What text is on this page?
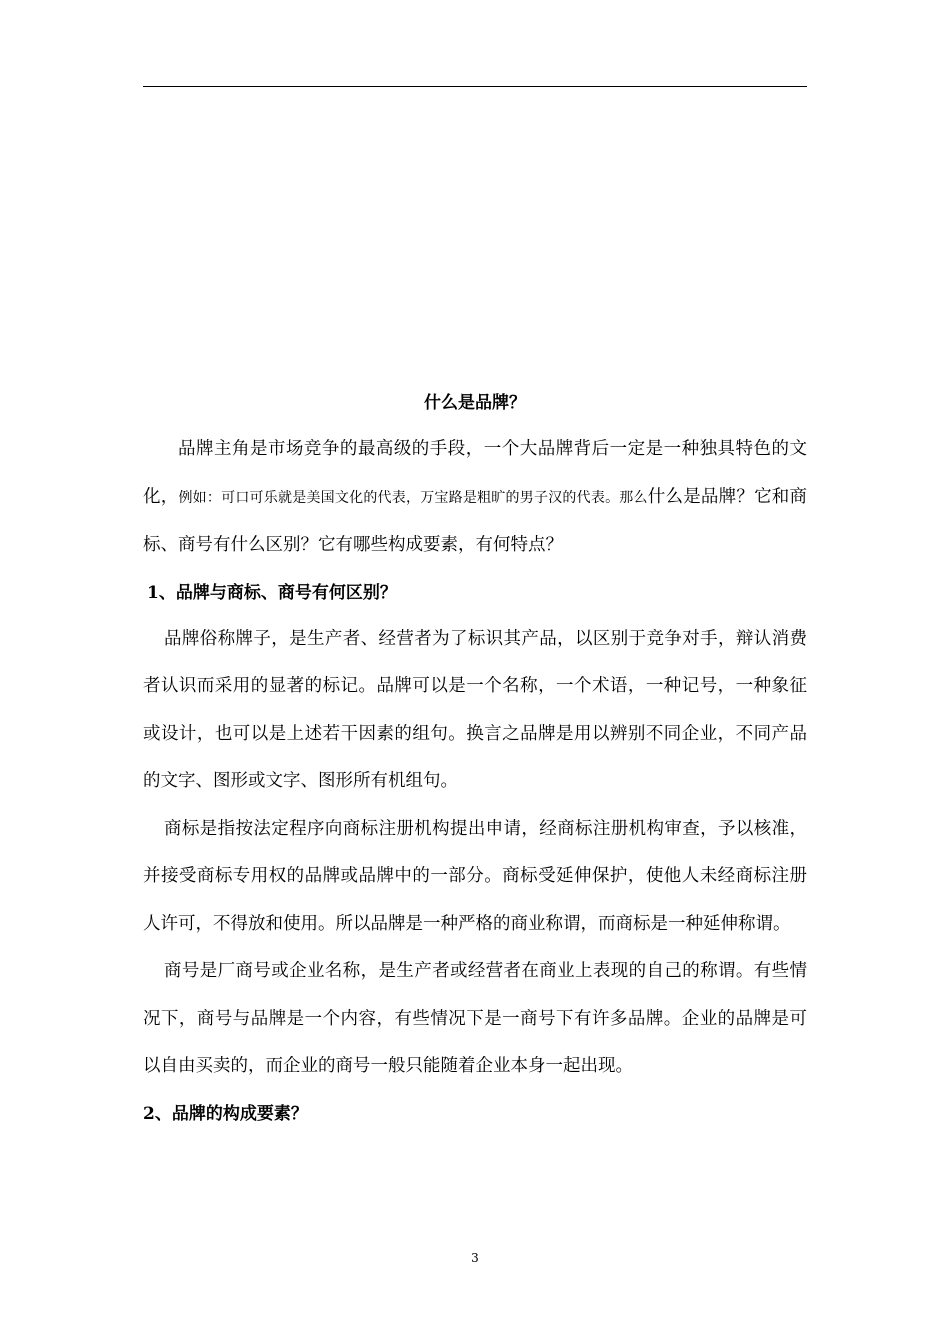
什么是品牌？

品牌主角是市场竞争的最高级的手段，一个大品牌背后一定是一种独具特色的文化，例如：可口可乐就是美国文化的代表，万宝路是粗旷的男子汉的代表。那么什么是品牌？它和商标、商号有什么区别？它有哪些构成要素，有何特点？

1、品牌与商标、商号有何区别？

品牌俗称牌子，是生产者、经营者为了标识其产品，以区别于竞争对手，辩认消费者认识而采用的显著的标记。品牌可以是一个名称，一个术语，一种记号，一种象征或设计，也可以是上述若干因素的组句。换言之品牌是用以辨别不同企业，不同产品的文字、图形或文字、图形所有机组句。

商标是指按法定程序向商标注册机构提出申请，经商标注册机构审查，予以核准，并接受商标专用权的品牌或品牌中的一部分。商标受延伸保护，使他人未经商标注册人许可，不得放和使用。所以品牌是一种严格的商业称谓，而商标是一种延伸称谓。

商号是厂商号或企业名称，是生产者或经营者在商业上表现的自己的称谓。有些情况下，商号与品牌是一个内容，有些情况下是一商号下有许多品牌。企业的品牌是可以自由买卖的，而企业的商号一般只能随着企业本身一起出现。

2、品牌的构成要素？
3
